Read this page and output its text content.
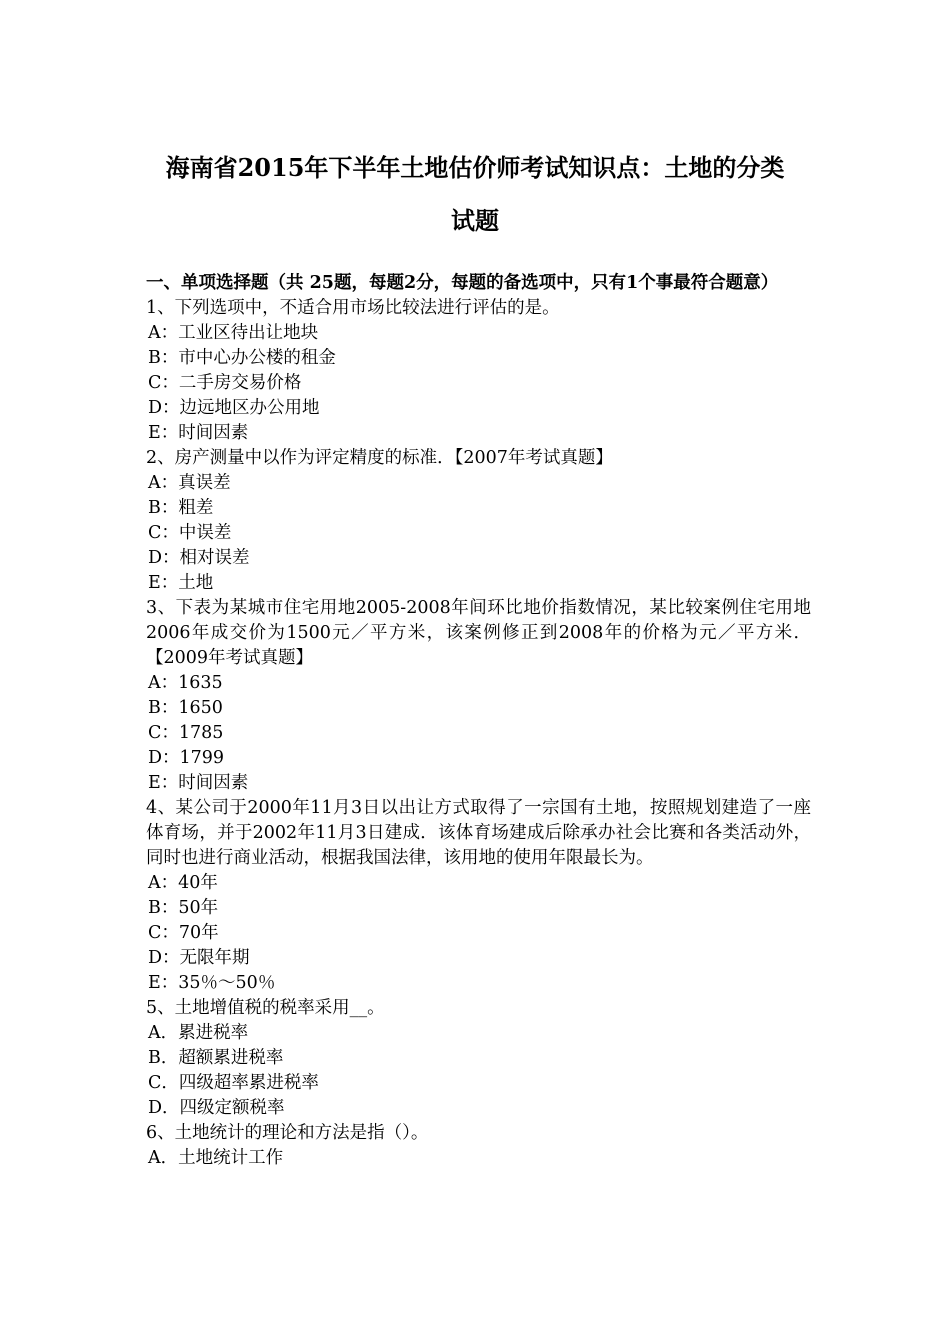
海南省2015年下半年土地估价师考试知识点：土地的分类
试题

一、单项选择题（共 25题，每题2分，每题的备选项中，只有1个事最符合题意）

1、下列选项中，不适合用市场比较法进行评估的是。

A：工业区待出让地块

B：市中心办公楼的租金

C：二手房交易价格

D：边远地区办公用地

E：时间因素

2、房产测量中以作为评定精度的标准．【2007年考试真题】

A：真误差

B：粗差

C：中误差

D：相对误差

E：土地

3、下表为某城市住宅用地2005-2008年间环比地价指数情况，某比较案例住宅用地2006年成交价为1500元／平方米，该案例修正到2008年的价格为元／平方米．【2009年考试真题】

A：1635

B：1650

C：1785

D：1799

E：时间因素

4、某公司于2000年11月3日以出让方式取得了一宗国有土地，按照规划建造了一座体育场，并于2002年11月3日建成．该体育场建成后除承办社会比赛和各类活动外，同时也进行商业活动，根据我国法律，该用地的使用年限最长为。

A：40年

B：50年

C：70年

D：无限年期

E：35％～50％

5、土地增值税的税率采用__。

A．累进税率

B．超额累进税率

C．四级超率累进税率

D．四级定额税率

6、土地统计的理论和方法是指（）。

A．土地统计工作
